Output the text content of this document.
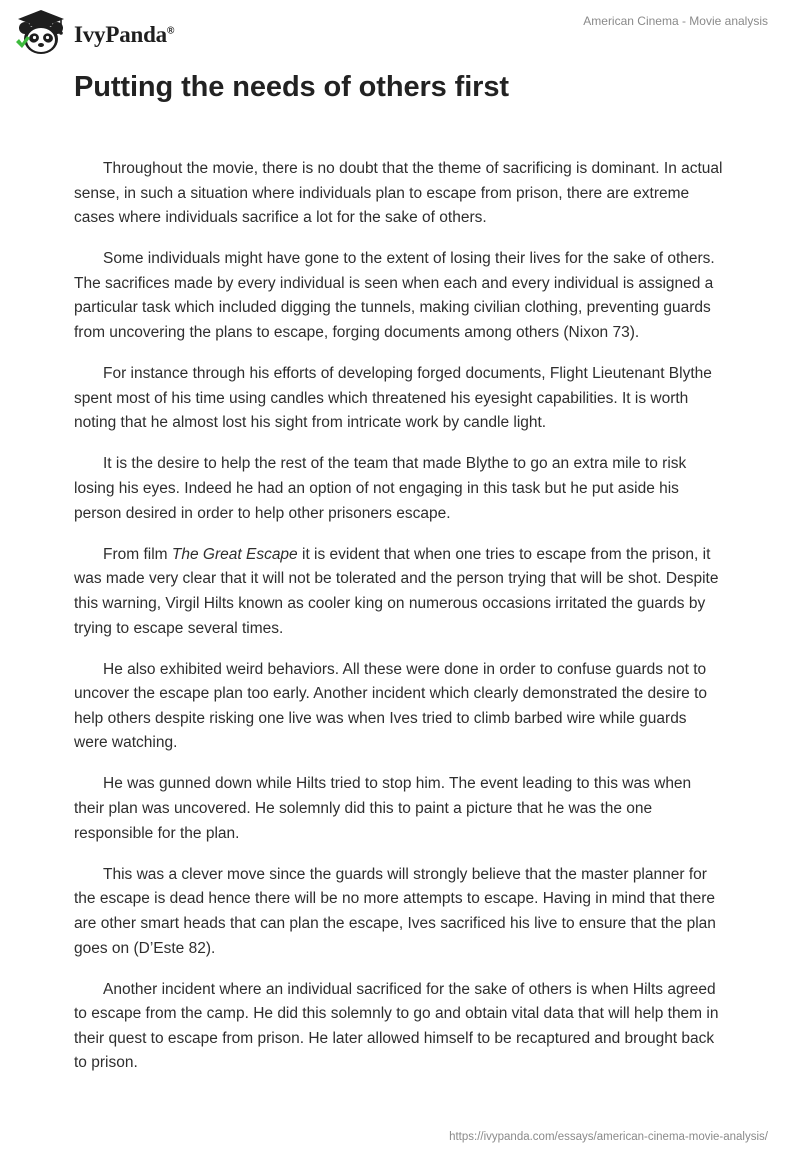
IvyPanda®
American Cinema - Movie analysis
Putting the needs of others first

Throughout the movie, there is no doubt that the theme of sacrificing is dominant. In actual sense, in such a situation where individuals plan to escape from prison, there are extreme cases where individuals sacrifice a lot for the sake of others.

Some individuals might have gone to the extent of losing their lives for the sake of others. The sacrifices made by every individual is seen when each and every individual is assigned a particular task which included digging the tunnels, making civilian clothing, preventing guards from uncovering the plans to escape, forging documents among others (Nixon 73).

For instance through his efforts of developing forged documents, Flight Lieutenant Blythe spent most of his time using candles which threatened his eyesight capabilities. It is worth noting that he almost lost his sight from intricate work by candle light.

It is the desire to help the rest of the team that made Blythe to go an extra mile to risk losing his eyes. Indeed he had an option of not engaging in this task but he put aside his person desired in order to help other prisoners escape.

From film The Great Escape it is evident that when one tries to escape from the prison, it was made very clear that it will not be tolerated and the person trying that will be shot. Despite this warning, Virgil Hilts known as cooler king on numerous occasions irritated the guards by trying to escape several times.

He also exhibited weird behaviors. All these were done in order to confuse guards not to uncover the escape plan too early. Another incident which clearly demonstrated the desire to help others despite risking one live was when Ives tried to climb barbed wire while guards were watching.

He was gunned down while Hilts tried to stop him. The event leading to this was when their plan was uncovered. He solemnly did this to paint a picture that he was the one responsible for the plan.

This was a clever move since the guards will strongly believe that the master planner for the escape is dead hence there will be no more attempts to escape. Having in mind that there are other smart heads that can plan the escape, Ives sacrificed his live to ensure that the plan goes on (D’Este 82).

Another incident where an individual sacrificed for the sake of others is when Hilts agreed to escape from the camp. He did this solemnly to go and obtain vital data that will help them in their quest to escape from prison. He later allowed himself to be recaptured and brought back to prison.

https://ivypanda.com/essays/american-cinema-movie-analysis/
